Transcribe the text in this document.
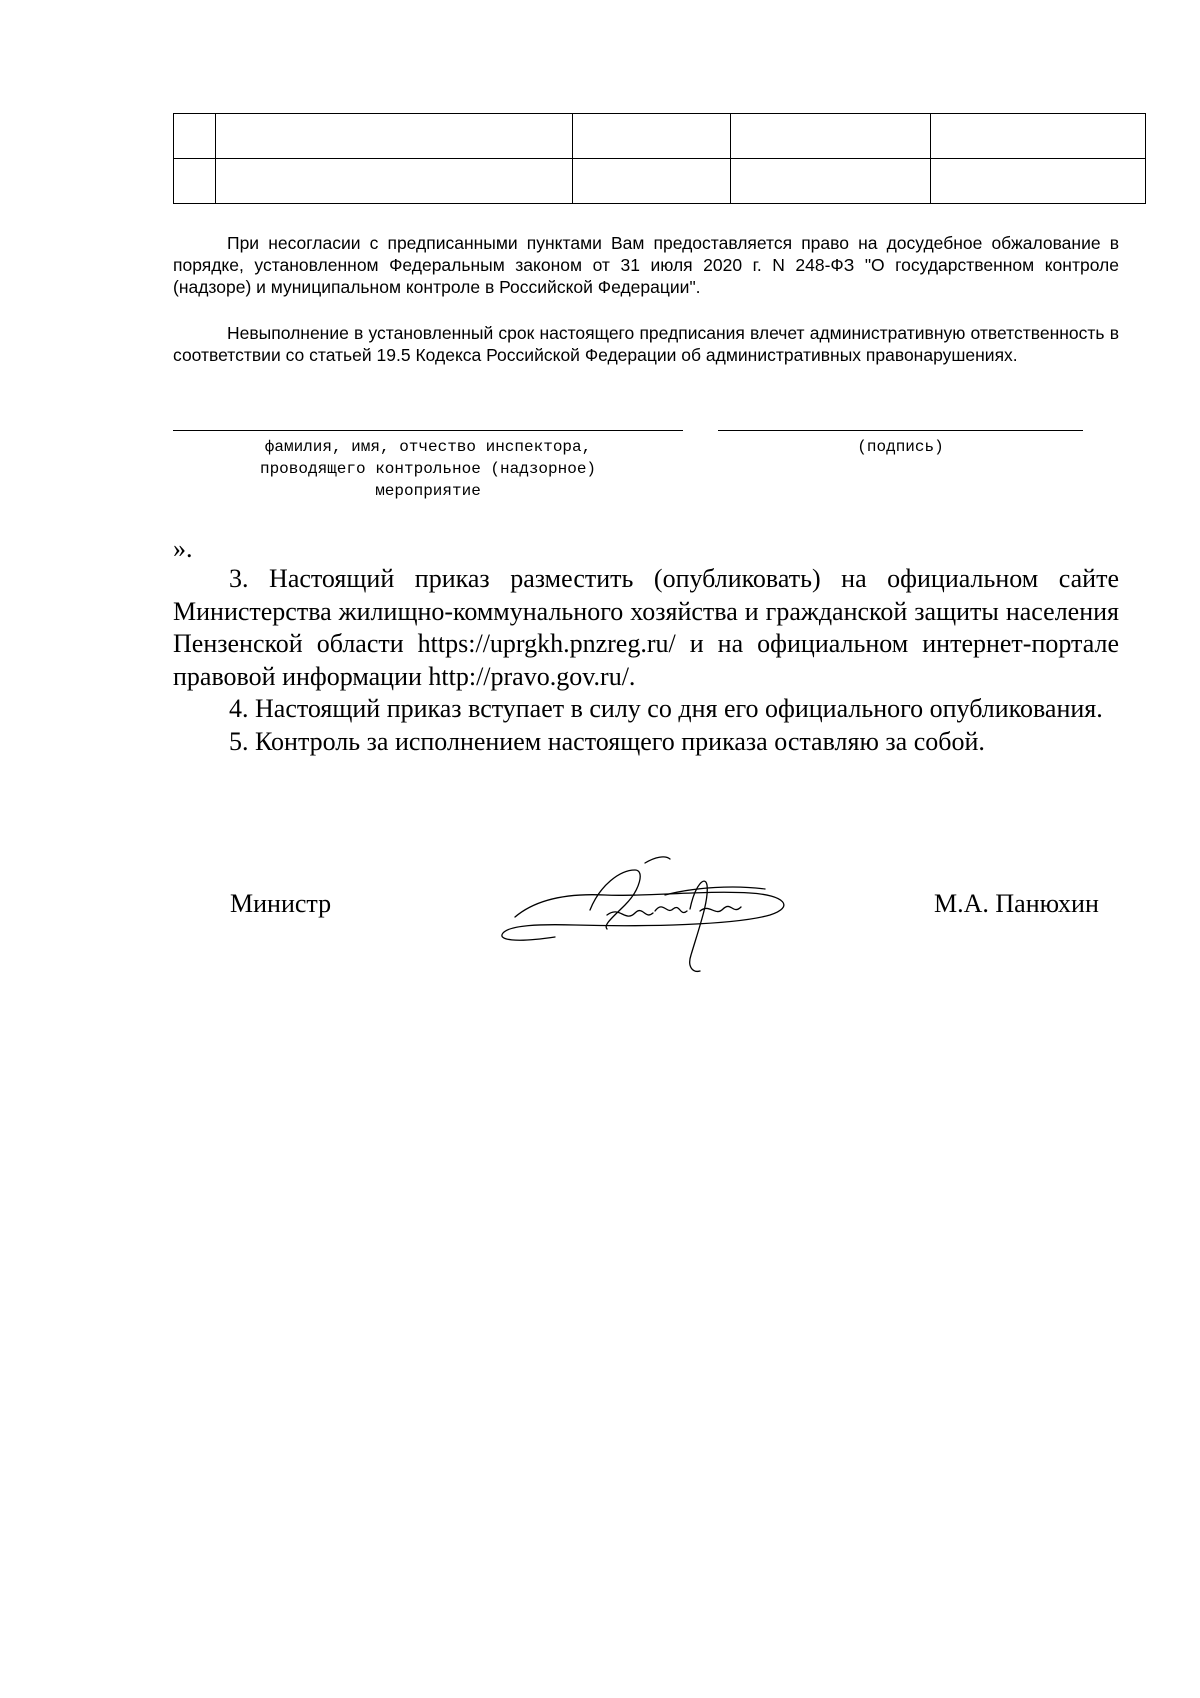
При несогласии с предписанными пунктами Вам предоставляется право на досудебное обжалование в порядке, установленном Федеральным законом от 31 июля 2020 г. N 248-ФЗ "О государственном контроле (надзоре) и муниципальном контроле в Российской Федерации".

Невыполнение в установленный срок настоящего предписания влечет административную ответственность в соответствии со статьей 19.5 Кодекса Российской Федерации об административных правонарушениях.

фамилия, имя, отчество инспектора,
проводящего контрольное (надзорное)
мероприятие
(подпись)

».

3. Настоящий приказ разместить (опубликовать) на официальном сайте Министерства жилищно-коммунального хозяйства и гражданской защиты населения Пензенской области https://uprgkh.pnzreg.ru/ и на официальном интернет-портале правовой информации http://pravo.gov.ru/.

4. Настоящий приказ вступает в силу со дня его официального опубликования.

5. Контроль за исполнением настоящего приказа оставляю за собой.

Министр	М.А. Панюхин
